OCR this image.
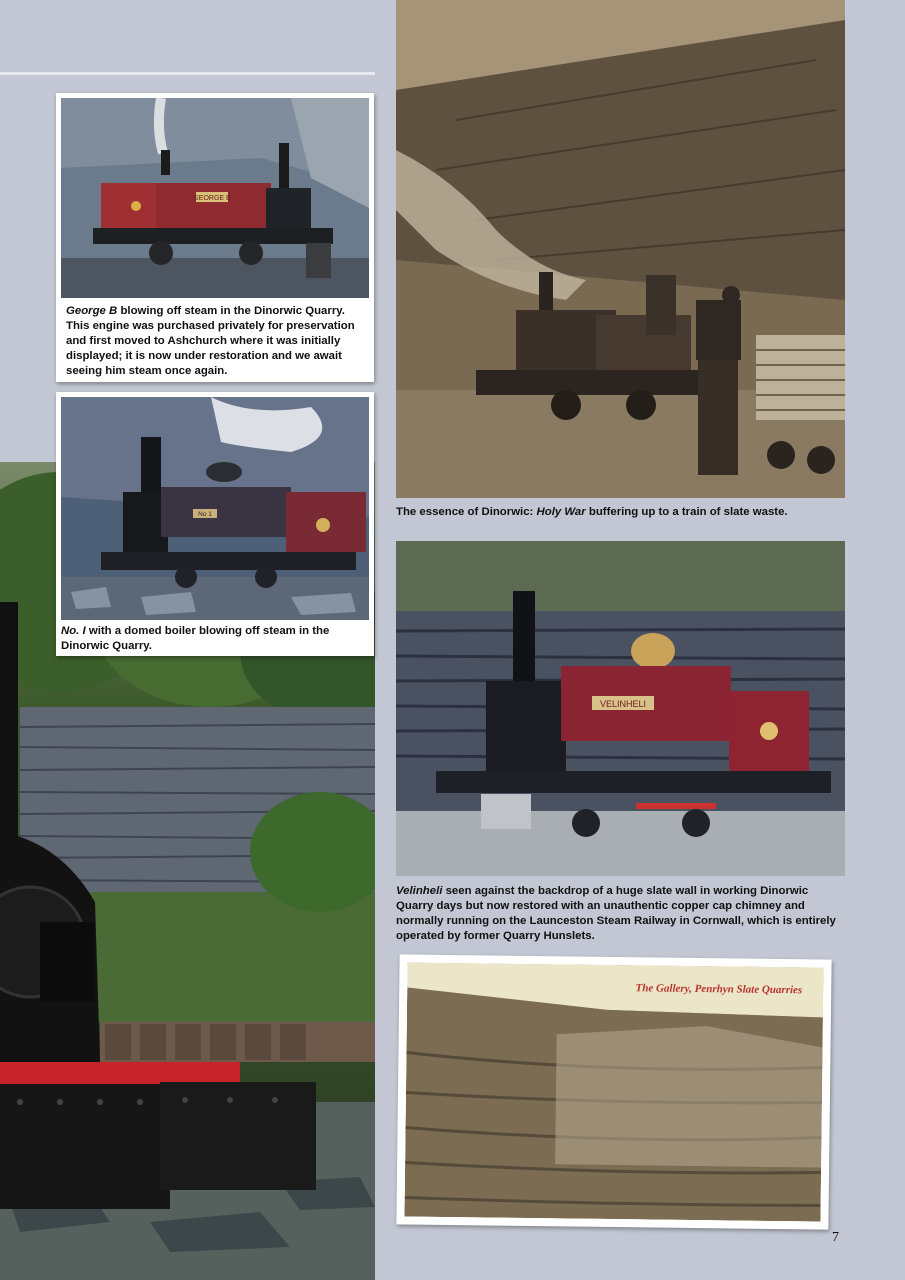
GEORGE B
George B blowing off steam in the Dinorwic Quarry. This engine was purchased privately for preservation and first moved to Ashchurch where it was initially displayed; it is now under restoration and we await seeing him steam once again.
No 1
No. I with a domed boiler blowing off steam in the Dinorwic Quarry.
The essence of Dinorwic: Holy War buffering up to a train of slate waste.
VELINHELI
Velinheli seen against the backdrop of a huge slate wall in working Dinorwic Quarry days but now restored with an unauthentic copper cap chimney and normally running on the Launceston Steam Railway in Cornwall, which is entirely operated by former Quarry Hunslets.
The Gallery, Penrhyn Slate Quarries
7
